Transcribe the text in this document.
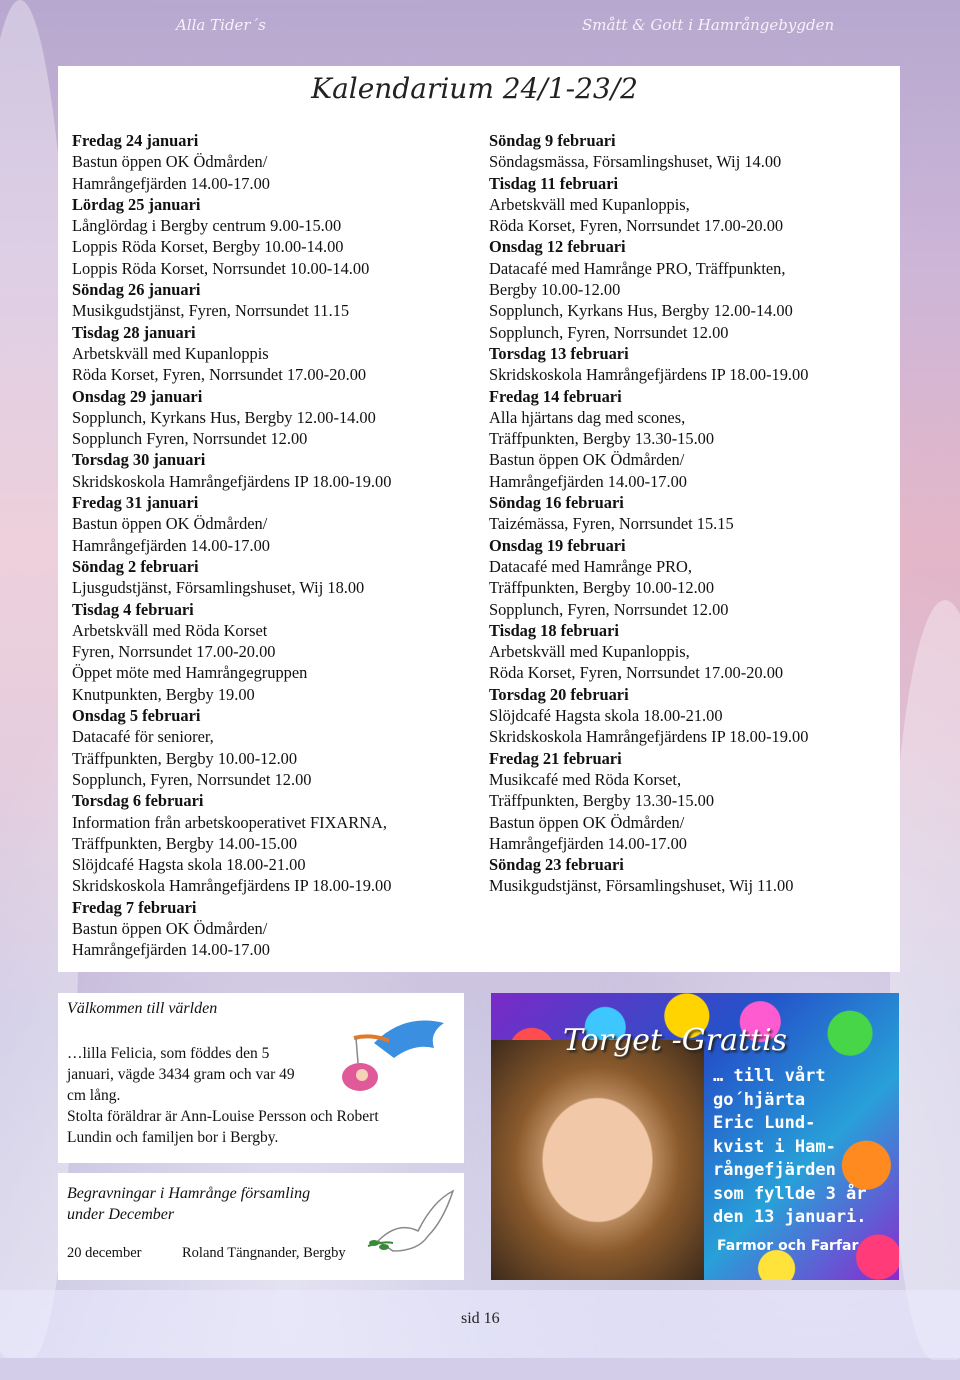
Alla Tider´s	Smått & Gott i Hamrångebygden
Kalendarium 24/1-23/2
Fredag 24 januari
Bastun öppen OK Ödmården/
Hamrångefjärden 14.00-17.00
Lördag 25 januari
Långlördag i Bergby centrum 9.00-15.00
Loppis Röda Korset, Bergby 10.00-14.00
Loppis Röda Korset, Norrsundet 10.00-14.00
Söndag 26 januari
Musikgudstjänst, Fyren, Norrsundet 11.15
Tisdag 28 januari
Arbetskväll med Kupanloppis
Röda Korset, Fyren, Norrsundet 17.00-20.00
Onsdag 29 januari
Sopplunch, Kyrkans Hus, Bergby 12.00-14.00
Sopplunch Fyren, Norrsundet 12.00
Torsdag 30 januari
Skridskoskola Hamrångefjärdens IP 18.00-19.00
Fredag 31 januari
Bastun öppen OK Ödmården/
Hamrångefjärden 14.00-17.00
Söndag 2 februari
Ljusgudstjänst, Församlingshuset, Wij 18.00
Tisdag 4 februari
Arbetskväll med Röda Korset
Fyren, Norrsundet 17.00-20.00
Öppet möte med Hamrångegruppen
Knutpunkten, Bergby 19.00
Onsdag 5 februari
Datacafé för seniorer,
Träffpunkten, Bergby 10.00-12.00
Sopplunch, Fyren, Norrsundet 12.00
Torsdag 6 februari
Information från arbetskooperativet FIXARNA,
Träffpunkten, Bergby 14.00-15.00
Slöjdcafé Hagsta skola 18.00-21.00
Skridskoskola Hamrångefjärdens IP 18.00-19.00
Fredag 7 februari
Bastun öppen OK Ödmården/
Hamrångefjärden 14.00-17.00
Söndag 9 februari
Söndagsmässa, Församlingshuset, Wij 14.00
Tisdag 11 februari
Arbetskväll med Kupanloppis,
Röda Korset, Fyren, Norrsundet 17.00-20.00
Onsdag 12 februari
Datacafé med Hamrånge PRO, Träffpunkten,
Bergby 10.00-12.00
Sopplunch, Kyrkans Hus, Bergby 12.00-14.00
Sopplunch, Fyren, Norrsundet 12.00
Torsdag 13 februari
Skridskoskola Hamrångefjärdens IP 18.00-19.00
Fredag 14 februari
Alla hjärtans dag med scones,
Träffpunkten, Bergby 13.30-15.00
Bastun öppen OK Ödmården/
Hamrångefjärden 14.00-17.00
Söndag 16 februari
Taizémässa, Fyren, Norrsundet 15.15
Onsdag 19 februari
Datacafé med Hamrånge PRO,
Träffpunkten, Bergby 10.00-12.00
Sopplunch, Fyren, Norrsundet 12.00
Tisdag 18 februari
Arbetskväll med Kupanloppis,
Röda Korset, Fyren, Norrsundet 17.00-20.00
Torsdag 20 februari
Slöjdcafé Hagsta skola 18.00-21.00
Skridskoskola Hamrångefjärdens IP 18.00-19.00
Fredag 21 februari
Musikcafé med Röda Korset,
Träffpunkten, Bergby 13.30-15.00
Bastun öppen OK Ödmården/
Hamrångefjärden 14.00-17.00
Söndag 23 februari
Musikgudstjänst, Församlingshuset, Wij 11.00
Välkommen till världen
…lilla Felicia, som föddes den 5
januari, vägde 3434 gram och var 49
cm lång.
Stolta föräldrar är Ann-Louise Persson och Robert
Lundin och familjen bor i Bergby.
Begravningar i Hamrånge församling
under December
20 december	Roland Tängnander, Bergby
Torget -Grattis
… till vårt
go´hjärta
Eric Lund-
kvist i Ham-
rångefjärden
som fyllde 3 år
den 13 januari.
Farmor och Farfar
sid 16
